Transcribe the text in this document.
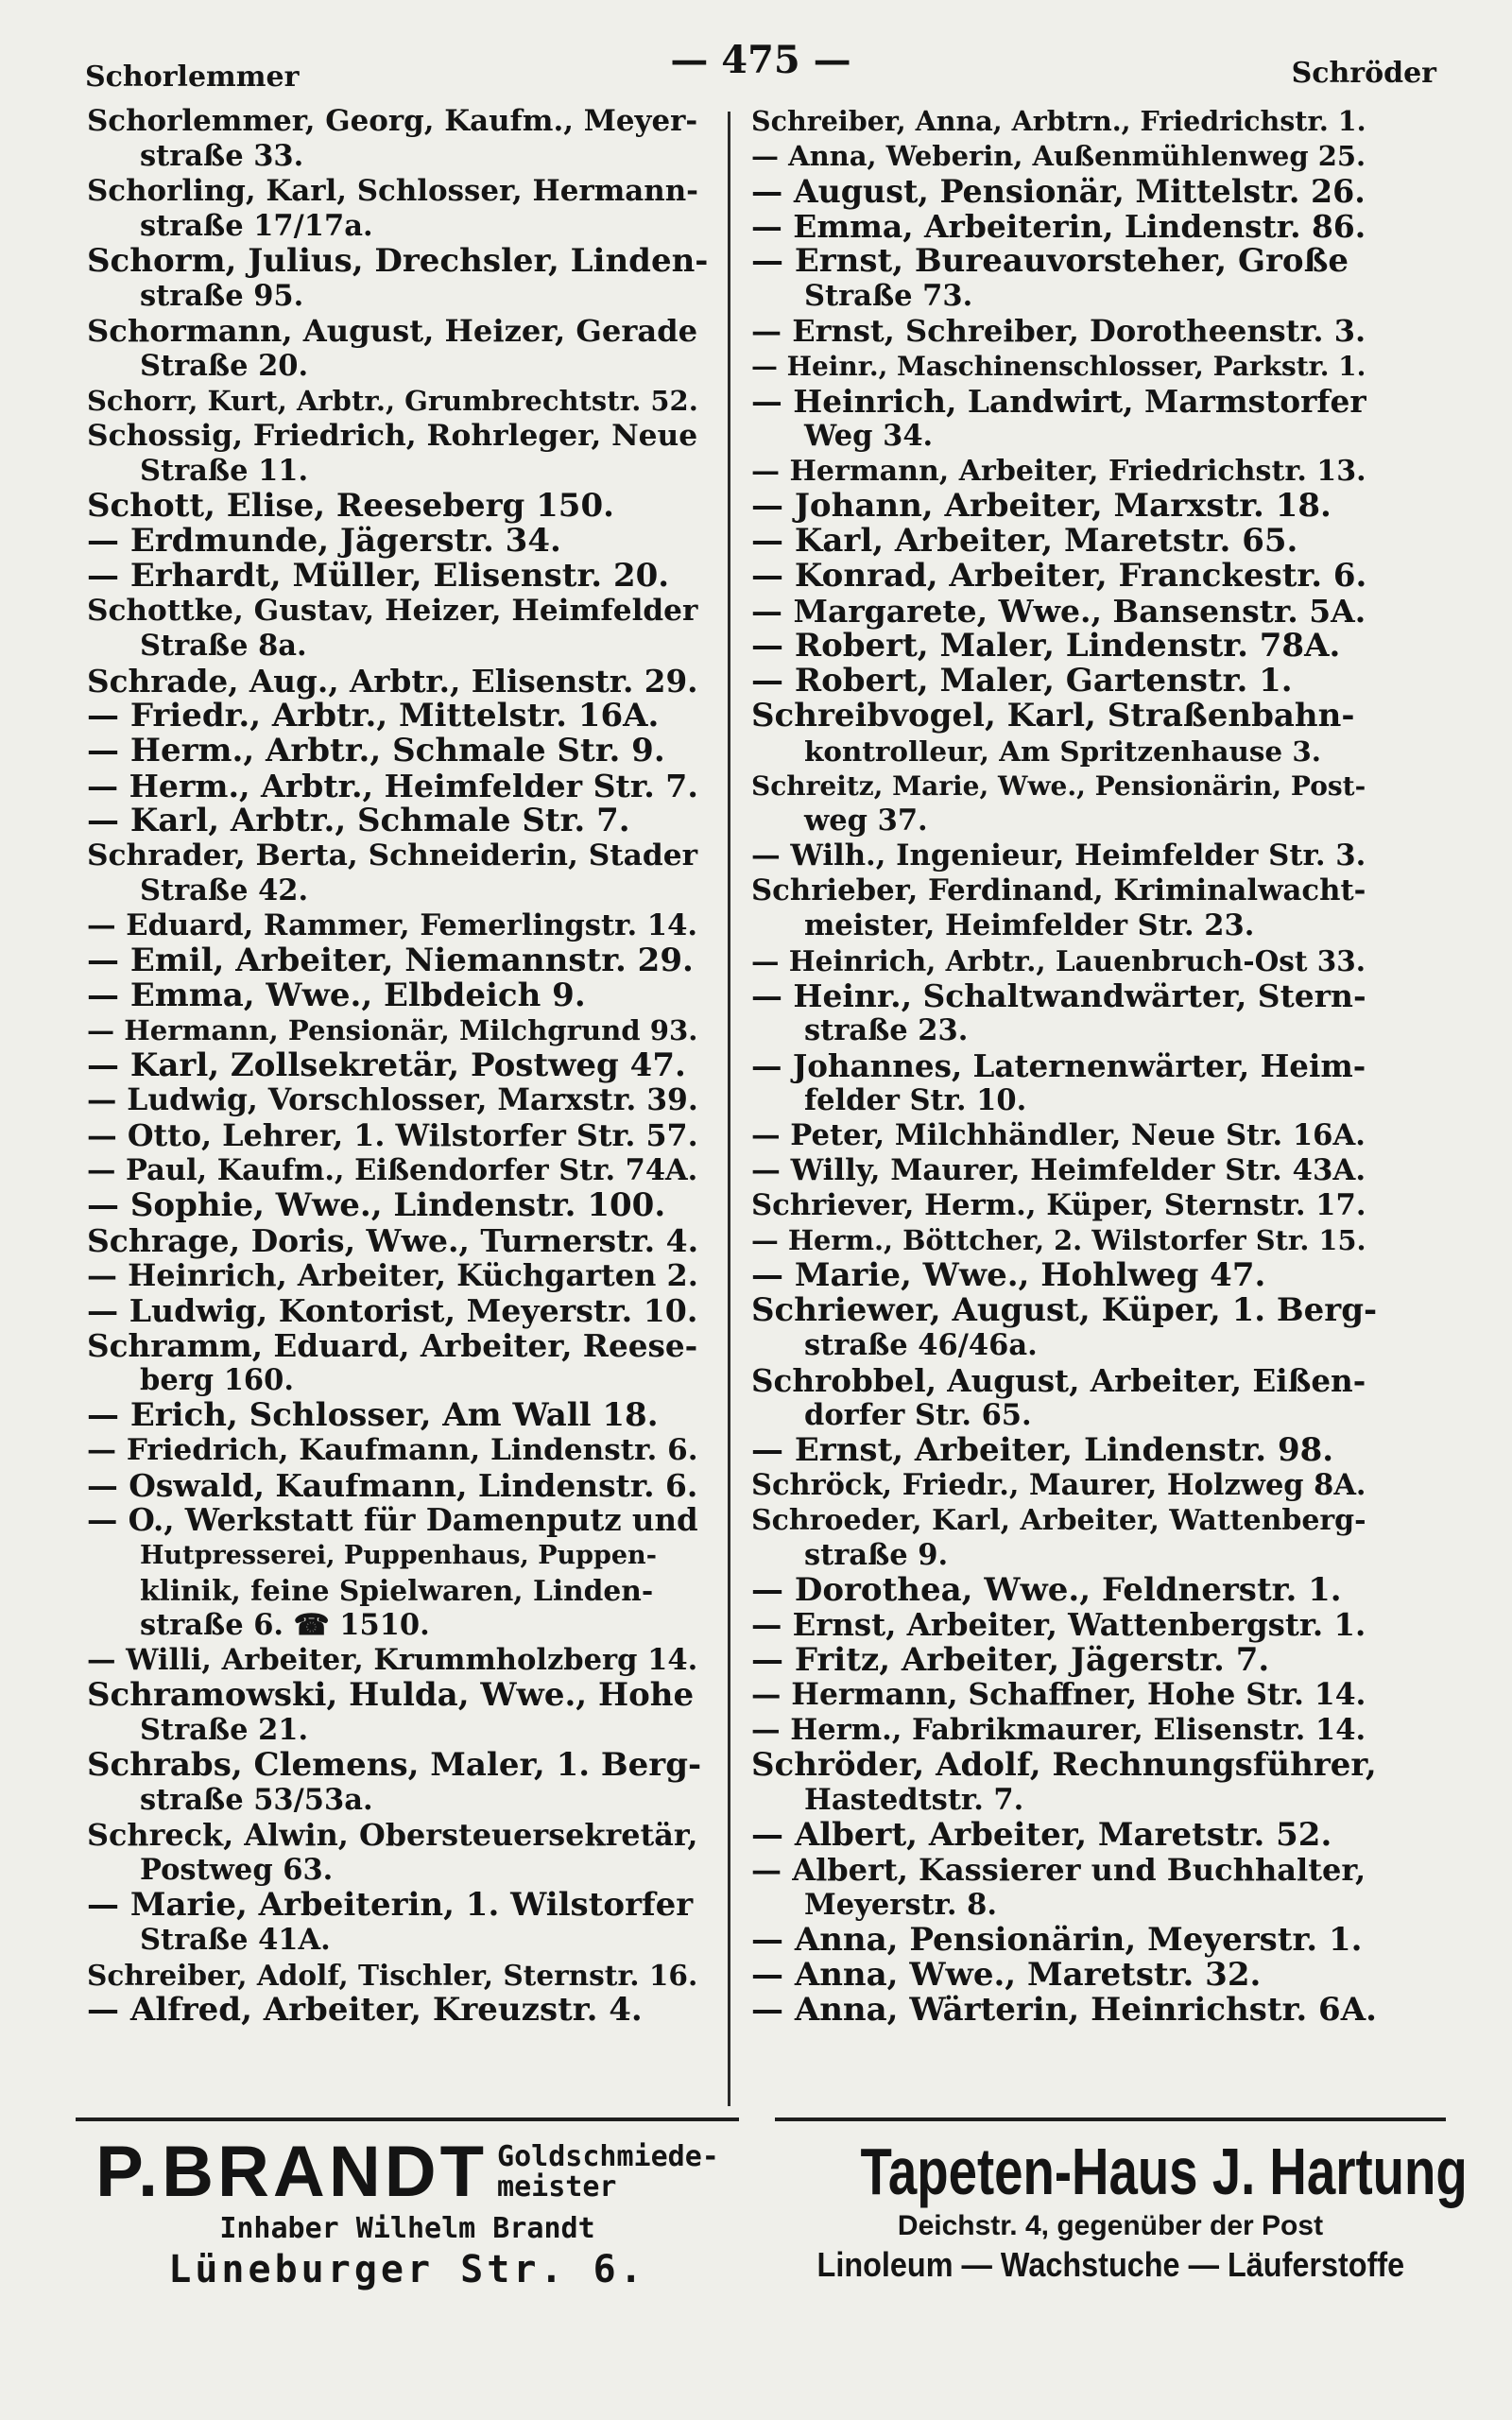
Schorlemmer	— 475 —	Schröder
Schorlemmer, Georg, Kaufm., Meyer-
straße 33.
Schorling, Karl, Schlosser, Hermann-
straße 17/17a.
Schorm, Julius, Drechsler, Linden-
straße 95.
Schormann, August, Heizer, Gerade
Straße 20.
Schorr, Kurt, Arbtr., Grumbrechtstr. 52.
Schossig, Friedrich, Rohrleger, Neue
Straße 11.
Schott, Elise, Reeseberg 150.
— Erdmunde, Jägerstr. 34.
— Erhardt, Müller, Elisenstr. 20.
Schottke, Gustav, Heizer, Heimfelder
Straße 8a.
Schrade, Aug., Arbtr., Elisenstr. 29.
— Friedr., Arbtr., Mittelstr. 16A.
— Herm., Arbtr., Schmale Str. 9.
— Herm., Arbtr., Heimfelder Str. 7.
— Karl, Arbtr., Schmale Str. 7.
Schrader, Berta, Schneiderin, Stader
Straße 42.
— Eduard, Rammer, Femerlingstr. 14.
— Emil, Arbeiter, Niemannstr. 29.
— Emma, Wwe., Elbdeich 9.
— Hermann, Pensionär, Milchgrund 93.
— Karl, Zollsekretär, Postweg 47.
— Ludwig, Vorschlosser, Marxstr. 39.
— Otto, Lehrer, 1. Wilstorfer Str. 57.
— Paul, Kaufm., Eißendorfer Str. 74A.
— Sophie, Wwe., Lindenstr. 100.
Schrage, Doris, Wwe., Turnerstr. 4.
— Heinrich, Arbeiter, Küchgarten 2.
— Ludwig, Kontorist, Meyerstr. 10.
Schramm, Eduard, Arbeiter, Reese-
berg 160.
— Erich, Schlosser, Am Wall 18.
— Friedrich, Kaufmann, Lindenstr. 6.
— Oswald, Kaufmann, Lindenstr. 6.
— O., Werkstatt für Damenputz und
Hutpresserei, Puppenhaus, Puppen-
klinik, feine Spielwaren, Linden-
straße 6. ☎ 1510.
— Willi, Arbeiter, Krummholzberg 14.
Schramowski, Hulda, Wwe., Hohe
Straße 21.
Schrabs, Clemens, Maler, 1. Berg-
straße 53/53a.
Schreck, Alwin, Obersteuersekretär,
Postweg 63.
— Marie, Arbeiterin, 1. Wilstorfer
Straße 41A.
Schreiber, Adolf, Tischler, Sternstr. 16.
— Alfred, Arbeiter, Kreuzstr. 4.
Schreiber, Anna, Arbtrn., Friedrichstr. 1.
— Anna, Weberin, Außenmühlenweg 25.
— August, Pensionär, Mittelstr. 26.
— Emma, Arbeiterin, Lindenstr. 86.
— Ernst, Bureauvorsteher, Große
Straße 73.
— Ernst, Schreiber, Dorotheenstr. 3.
— Heinr., Maschinenschlosser, Parkstr. 1.
— Heinrich, Landwirt, Marmstorfer
Weg 34.
— Hermann, Arbeiter, Friedrichstr. 13.
— Johann, Arbeiter, Marxstr. 18.
— Karl, Arbeiter, Maretstr. 65.
— Konrad, Arbeiter, Franckestr. 6.
— Margarete, Wwe., Bansenstr. 5A.
— Robert, Maler, Lindenstr. 78A.
— Robert, Maler, Gartenstr. 1.
Schreibvogel, Karl, Straßenbahn-
kontrolleur, Am Spritzenhause 3.
Schreitz, Marie, Wwe., Pensionärin, Post-
weg 37.
— Wilh., Ingenieur, Heimfelder Str. 3.
Schrieber, Ferdinand, Kriminalwacht-
meister, Heimfelder Str. 23.
— Heinrich, Arbtr., Lauenbruch-Ost 33.
— Heinr., Schaltwandwärter, Stern-
straße 23.
— Johannes, Laternenwärter, Heim-
felder Str. 10.
— Peter, Milchhändler, Neue Str. 16A.
— Willy, Maurer, Heimfelder Str. 43A.
Schriever, Herm., Küper, Sternstr. 17.
— Herm., Böttcher, 2. Wilstorfer Str. 15.
— Marie, Wwe., Hohlweg 47.
Schriewer, August, Küper, 1. Berg-
straße 46/46a.
Schrobbel, August, Arbeiter, Eißen-
dorfer Str. 65.
— Ernst, Arbeiter, Lindenstr. 98.
Schröck, Friedr., Maurer, Holzweg 8A.
Schroeder, Karl, Arbeiter, Wattenberg-
straße 9.
— Dorothea, Wwe., Feldnerstr. 1.
— Ernst, Arbeiter, Wattenbergstr. 1.
— Fritz, Arbeiter, Jägerstr. 7.
— Hermann, Schaffner, Hohe Str. 14.
— Herm., Fabrikmaurer, Elisenstr. 14.
Schröder, Adolf, Rechnungsführer,
Hastedtstr. 7.
— Albert, Arbeiter, Maretstr. 52.
— Albert, Kassierer und Buchhalter,
Meyerstr. 8.
— Anna, Pensionärin, Meyerstr. 1.
— Anna, Wwe., Maretstr. 32.
— Anna, Wärterin, Heinrichstr. 6A.
P.BRANDT Goldschmiede-
meister
Inhaber Wilhelm Brandt
Lüneburger Str. 6.
Tapeten-Haus J. Hartung
Deichstr. 4, gegenüber der Post
Linoleum — Wachstuche — Läuferstoffe
